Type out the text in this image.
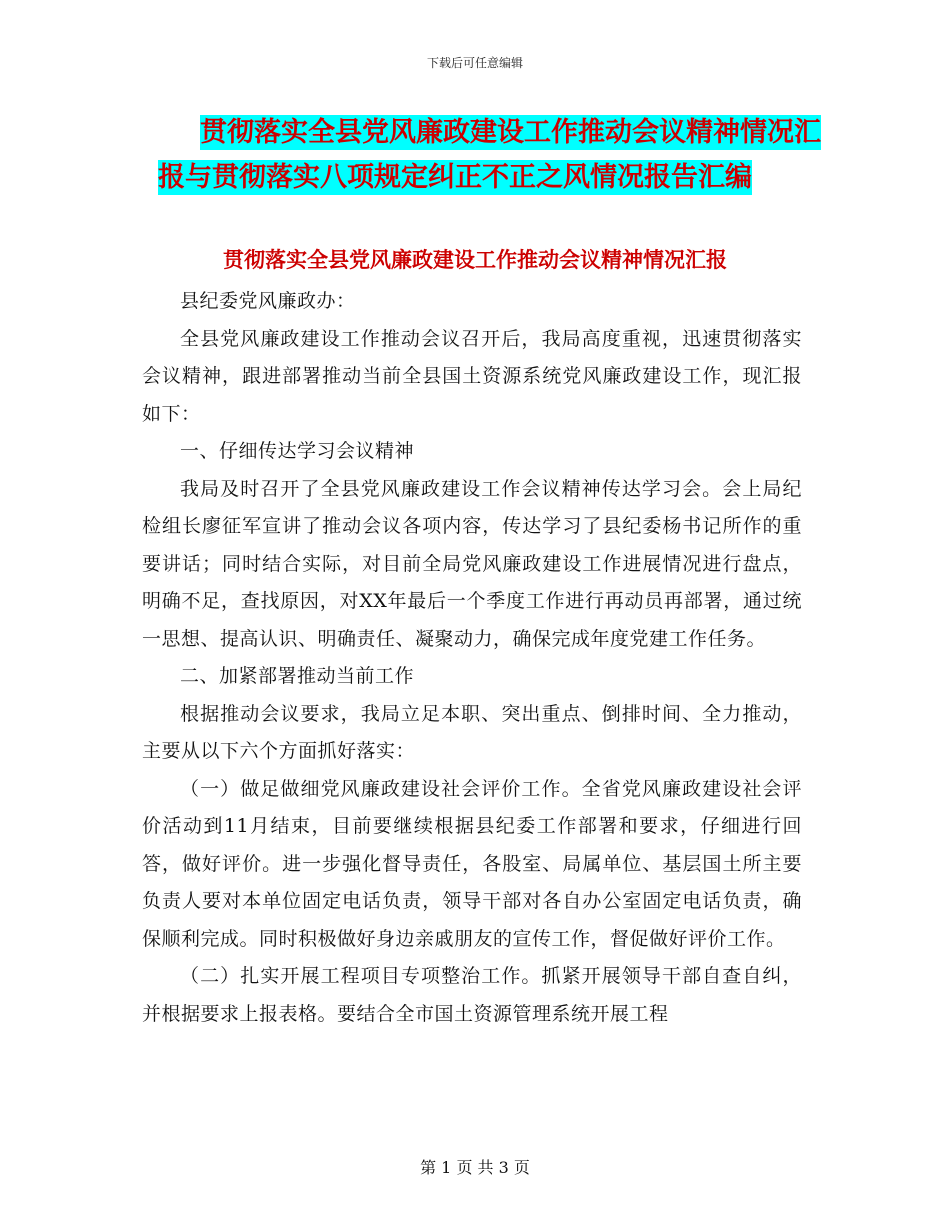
下载后可任意编辑
贯彻落实全县党风廉政建设工作推动会议精神情况汇
报与贯彻落实八项规定纠正不正之风情况报告汇编
贯彻落实全县党风廉政建设工作推动会议精神情况汇报

县纪委党风廉政办：

全县党风廉政建设工作推动会议召开后，我局高度重视，迅速贯彻落实会议精神，跟进部署推动当前全县国土资源系统党风廉政建设工作，现汇报如下：

一、仔细传达学习会议精神

我局及时召开了全县党风廉政建设工作会议精神传达学习会。会上局纪检组长廖征军宣讲了推动会议各项内容，传达学习了县纪委杨书记所作的重要讲话；同时结合实际，对目前全局党风廉政建设工作进展情况进行盘点，明确不足，查找原因，对XX年最后一个季度工作进行再动员再部署，通过统一思想、提高认识、明确责任、凝聚动力，确保完成年度党建工作任务。

二、加紧部署推动当前工作

根据推动会议要求，我局立足本职、突出重点、倒排时间、全力推动，主要从以下六个方面抓好落实：

（一）做足做细党风廉政建设社会评价工作。全省党风廉政建设社会评价活动到11月结束，目前要继续根据县纪委工作部署和要求，仔细进行回答，做好评价。进一步强化督导责任，各股室、局属单位、基层国土所主要负责人要对本单位固定电话负责，领导干部对各自办公室固定电话负责，确保顺利完成。同时积极做好身边亲戚朋友的宣传工作，督促做好评价工作。

（二）扎实开展工程项目专项整治工作。抓紧开展领导干部自查自纠，并根据要求上报表格。要结合全市国土资源管理系统开展工程

第 1 页 共 3 页
